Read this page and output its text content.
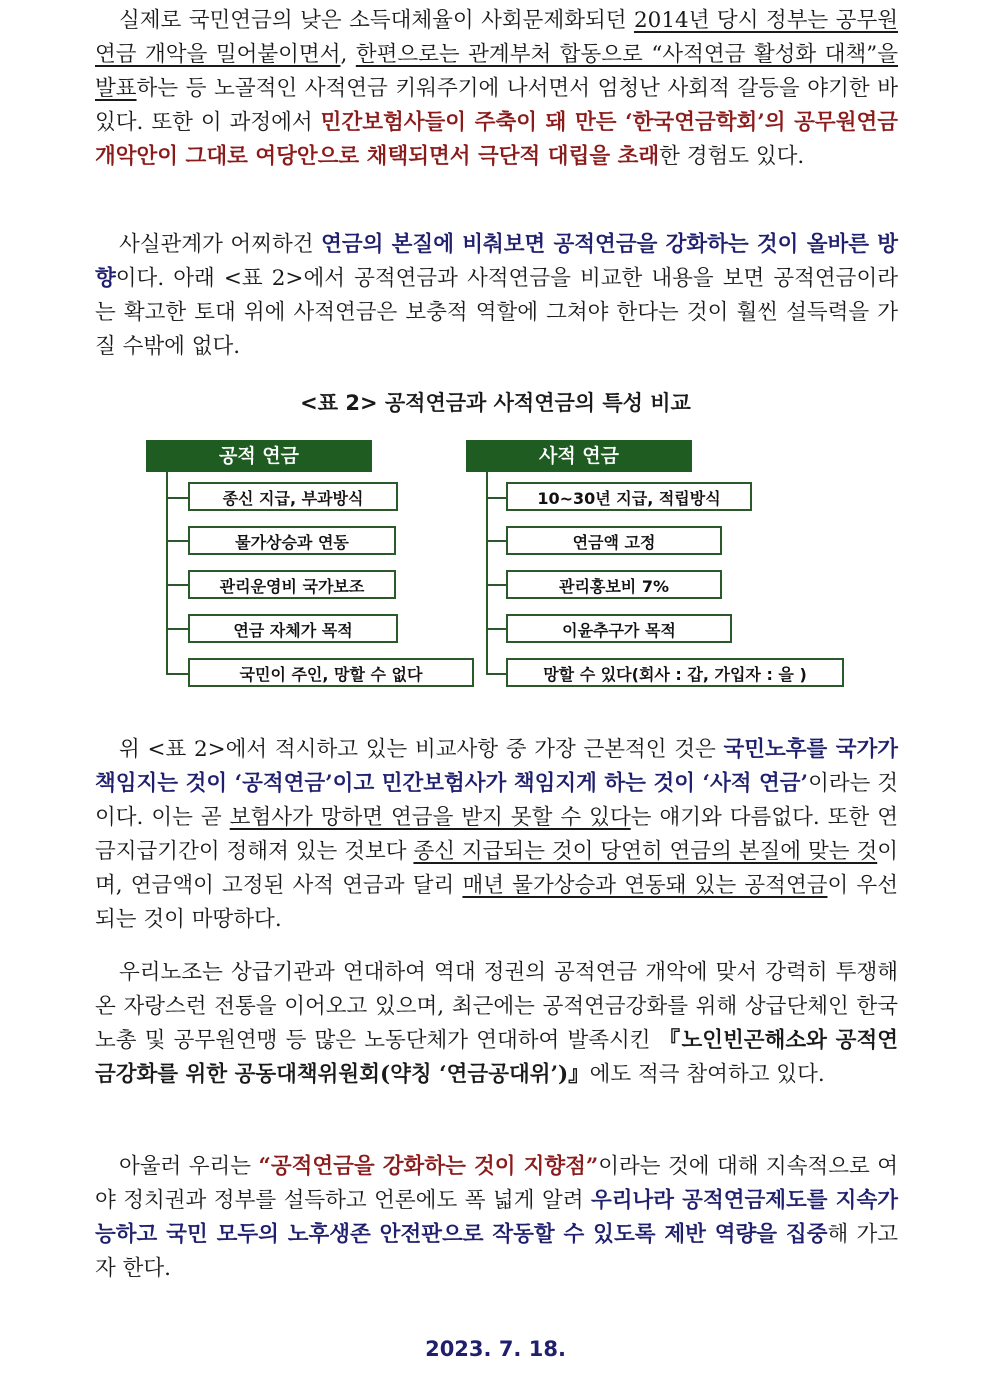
실제로 국민연금의 낮은 소득대체율이 사회문제화되던 2014년 당시 정부는 공무원연금 개악을 밀어붙이면서, 한편으로는 관계부처 합동으로 “사적연금 활성화 대책”을 발표하는 등 노골적인 사적연금 키워주기에 나서면서 엄청난 사회적 갈등을 야기한 바 있다. 또한 이 과정에서 민간보험사들이 주축이 돼 만든 ‘한국연금학회’의 공무원연금개악안이 그대로 여당안으로 채택되면서 극단적 대립을 초래한 경험도 있다.

사실관계가 어찌하건 연금의 본질에 비춰보면 공적연금을 강화하는 것이 올바른 방향이다. 아래 <표 2>에서 공적연금과 사적연금을 비교한 내용을 보면 공적연금이라는 확고한 토대 위에 사적연금은 보충적 역할에 그쳐야 한다는 것이 훨씬 설득력을 가질 수밖에 없다.

<표 2> 공적연금과 사적연금의 특성 비교
공적 연금
종신 지급, 부과방식
물가상승과 연동
관리운영비 국가보조
연금 자체가 목적
국민이 주인, 망할 수 없다
사적 연금
10~30년 지급, 적립방식
연금액 고정
관리홍보비 7%
이윤추구가 목적
망할 수 있다(회사 : 갑, 가입자 : 을 )

위 <표 2>에서 적시하고 있는 비교사항 중 가장 근본적인 것은 국민노후를 국가가 책임지는 것이 ‘공적연금’이고 민간보험사가 책임지게 하는 것이 ‘사적 연금’이라는 것이다. 이는 곧 보험사가 망하면 연금을 받지 못할 수 있다는 얘기와 다름없다. 또한 연금지급기간이 정해져 있는 것보다 종신 지급되는 것이 당연히 연금의 본질에 맞는 것이며, 연금액이 고정된 사적 연금과 달리 매년 물가상승과 연동돼 있는 공적연금이 우선되는 것이 마땅하다.

우리노조는 상급기관과 연대하여 역대 정권의 공적연금 개악에 맞서 강력히 투쟁해 온 자랑스런 전통을 이어오고 있으며, 최근에는 공적연금강화를 위해 상급단체인 한국노총 및 공무원연맹 등 많은 노동단체가 연대하여 발족시킨 『노인빈곤해소와 공적연금강화를 위한 공동대책위원회(약칭 ‘연금공대위’)』에도 적극 참여하고 있다.

아울러 우리는 “공적연금을 강화하는 것이 지향점”이라는 것에 대해 지속적으로 여야 정치권과 정부를 설득하고 언론에도 폭 넓게 알려 우리나라 공적연금제도를 지속가능하고 국민 모두의 노후생존 안전판으로 작동할 수 있도록 제반 역량을 집중해 가고자 한다.

2023. 7. 18.
